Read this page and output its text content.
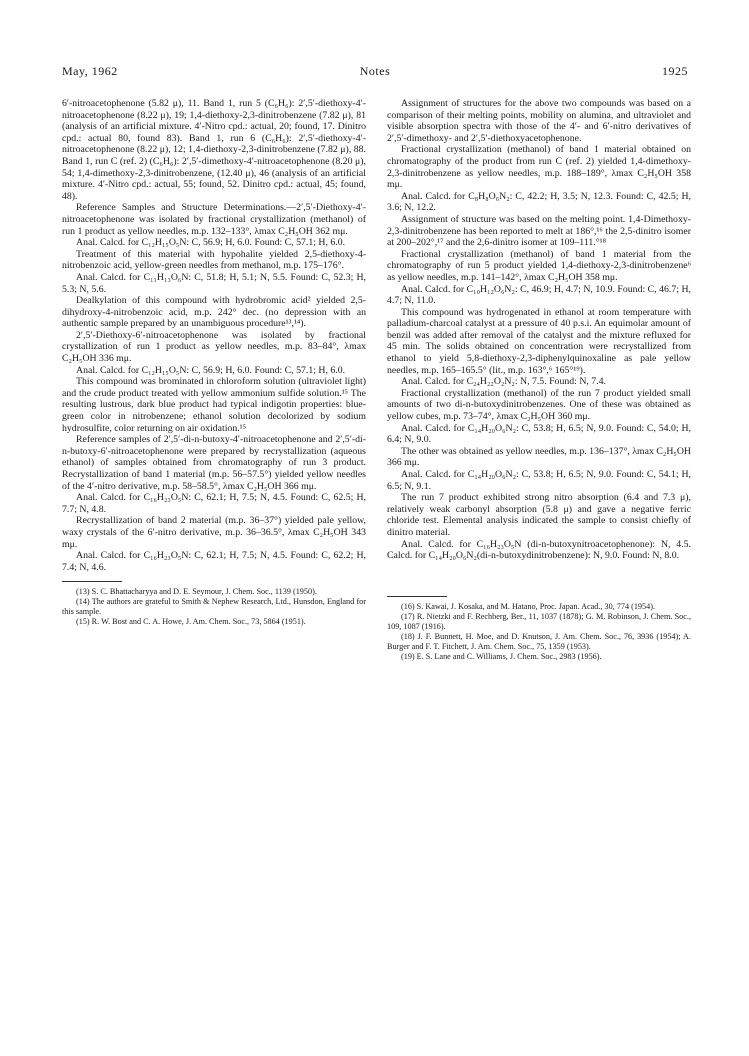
May, 1962	Notes	1925

6′-nitroacetophenone (5.82 μ), 11. Band 1, run 5 (C₆H₆): 2′,5′-diethoxy-4′-nitroacetophenone (8.22 μ), 19; 1,4-diethoxy-2,3-dinitrobenzene (7.82 μ), 81 (analysis of an artificial mixture. 4′-Nitro cpd.: actual, 20; found, 17. Dinitro cpd.: actual 80, found 83). Band 1, run 6 (C₆H₆): 2′,5′-diethoxy-4′-nitroacetophenone (8.22 μ), 12; 1,4-diethoxy-2,3-dinitrobenzene (7.82 μ), 88. Band 1, run C (ref. 2) (C₆H₆): 2′,5′-dimethoxy-4′-nitroacetophenone (8.20 μ), 54; 1,4-dimethoxy-2,3-dinitrobenzene, (12.40 μ), 46 (analysis of an artificial mixture. 4′-Nitro cpd.: actual, 55; found, 52. Dinitro cpd.: actual, 45; found, 48).

Reference Samples and Structure Determinations.—2′,5′-Diethoxy-4′-nitroacetophenone was isolated by fractional crystallization (methanol) of run 1 product as yellow needles, m.p. 132–133°, λmax C₂H₅OH 362 mμ.

Anal. Calcd. for C₁₂H₁₅O₅N: C, 56.9; H, 6.0. Found: C, 57.1; H, 6.0.

Treatment of this material with hypohalite yielded 2,5-diethoxy-4-nitrobenzoic acid, yellow-green needles from methanol, m.p. 175–176°.

Anal. Calcd. for C₁₁H₁₃O₆N: C, 51.8; H, 5.1; N, 5.5. Found: C, 52.3; H, 5.3; N, 5.6.

Dealkylation of this compound with hydrobromic acid² yielded 2,5-dihydroxy-4-nitrobenzoic acid, m.p. 242° dec. (no depression with an authentic sample prepared by an unambiguous procedure¹³,¹⁴).

2′,5′-Diethoxy-6′-nitroacetophenone was isolated by fractional crystallization of run 1 product as yellow needles, m.p. 83–84°, λmax C₂H₅OH 336 mμ.

Anal. Calcd. for C₁₂H₁₅O₅N: C, 56.9; H, 6.0. Found: C, 57.1; H, 6.0.

This compound was brominated in chloroform solution (ultraviolet light) and the crude product treated with yellow ammonium sulfide solution.¹⁵ The resulting lustrous, dark blue product had typical indigotin properties: blue-green color in nitrobenzene; ethanol solution decolorized by sodium hydrosulfite, color returning on air oxidation.¹⁵

Reference samples of 2′,5′-di-n-butoxy-4′-nitroacetophenone and 2′,5′-di-n-butoxy-6′-nitroacetophenone were prepared by recrystallization (aqueous ethanol) of samples obtained from chromatography of run 3 product. Recrystallization of band 1 material (m.p. 56–57.5°) yielded yellow needles of the 4′-nitro derivative, m.p. 58–58.5°, λmax C₂H₅OH 366 mμ.

Anal. Calcd. for C₁₆H₂₃O₅N: C, 62.1; H, 7.5; N, 4.5. Found: C, 62.5; H, 7.7; N, 4.8.

Recrystallization of band 2 material (m.p. 36–37°) yielded pale yellow, waxy crystals of the 6′-nitro derivative, m.p. 36–36.5°, λmax C₂H₅OH 343 mμ.

Anal. Calcd. for C₁₆H₂₃O₅N: C, 62.1; H, 7.5; N, 4.5. Found: C, 62.2; H, 7.4; N, 4.6.

(13) S. C. Bhattacharyya and D. E. Seymour, J. Chem. Soc., 1139 (1950).

(14) The authors are grateful to Smith & Nephew Research, Ltd., Hunsdon, England for this sample.

(15) R. W. Bost and C. A. Howe, J. Am. Chem. Soc., 73, 5864 (1951).

Assignment of structures for the above two compounds was based on a comparison of their melting points, mobility on alumina, and ultraviolet and visible absorption spectra with those of the 4′- and 6′-nitro derivatives of 2′,5′-dimethoxy- and 2′,5′-diethoxyacetophenone.

Fractional crystallization (methanol) of band 1 material obtained on chromatography of the product from run C (ref. 2) yielded 1,4-dimethoxy-2,3-dinitrobenzene as yellow needles, m.p. 188–189°, λmax C₂H₅OH 358 mμ.

Anal. Calcd. for C₈H₈O₆N₂: C, 42.2; H, 3.5; N, 12.3. Found: C, 42.5; H, 3.6; N, 12.2.

Assignment of structure was based on the melting point. 1,4-Dimethoxy-2,3-dinitrobenzene has been reported to melt at 186°,¹⁶ the 2,5-dinitro isomer at 200–202°,¹⁷ and the 2,6-dinitro isomer at 109–111.°¹⁸

Fractional crystallization (methanol) of band 1 material from the chromatography of run 5 product yielded 1,4-diethoxy-2,3-dinitrobenzene⁶ as yellow needles, m.p. 141–142°, λmax C₂H₅OH 358 mμ.

Anal. Calcd. for C₁₀H₁₂O₆N₂: C, 46.9; H, 4.7; N, 10.9. Found: C, 46.7; H, 4.7; N, 11.0.

This compound was hydrogenated in ethanol at room temperature with palladium-charcoal catalyst at a pressure of 40 p.s.i. An equimolar amount of benzil was added after removal of the catalyst and the mixture refluxed for 45 min. The solids obtained on concentration were recrystallized from ethanol to yield 5,8-diethoxy-2,3-diphenylquinoxaline as pale yellow needles, m.p. 165–165.5° (lit., m.p. 163°,⁶ 165°¹⁹).

Anal. Calcd. for C₂₄H₂₂O₂N₂: N, 7.5. Found: N, 7.4.

Fractional crystallization (methanol) of the run 7 product yielded small amounts of two di-n-butoxydinitrobenzenes. One of these was obtained as yellow cubes, m.p. 73–74°, λmax C₂H₅OH 360 mμ.

Anal. Calcd. for C₁₄H₂₀O₆N₂: C, 53.8; H, 6.5; N, 9.0. Found: C, 54.0; H, 6.4; N, 9.0.

The other was obtained as yellow needles, m.p. 136–137°, λmax C₂H₅OH 366 mμ.

Anal. Calcd. for C₁₄H₂₀O₆N₂: C, 53.8; H, 6.5; N, 9.0. Found: C, 54.1; H, 6.5; N, 9.1.

The run 7 product exhibited strong nitro absorption (6.4 and 7.3 μ), relatively weak carbonyl absorption (5.8 μ) and gave a negative ferric chloride test. Elemental analysis indicated the sample to consist chiefly of dinitro material.

Anal. Calcd. for C₁₆H₂₃O₅N (di-n-butoxynitroacetophenone): N, 4.5. Calcd. for C₁₄H₂₀O₆N₂(di-n-butoxydinitrobenzene): N, 9.0. Found: N, 8.0.

(16) S. Kawai, J. Kosaka, and M. Hatano, Proc. Japan. Acad., 30, 774 (1954).

(17) R. Nietzki and F. Rechberg, Ber., 11, 1037 (1878); G. M. Robinson, J. Chem. Soc., 109, 1087 (1916).

(18) J. F. Bunnett, H. Moe, and D. Knutson, J. Am. Chem. Soc., 76, 3936 (1954); A. Burger and F. T. Fitchett, J. Am. Chem. Soc., 75, 1359 (1953).

(19) E. S. Lane and C. Williams, J. Chem. Soc., 2983 (1956).
